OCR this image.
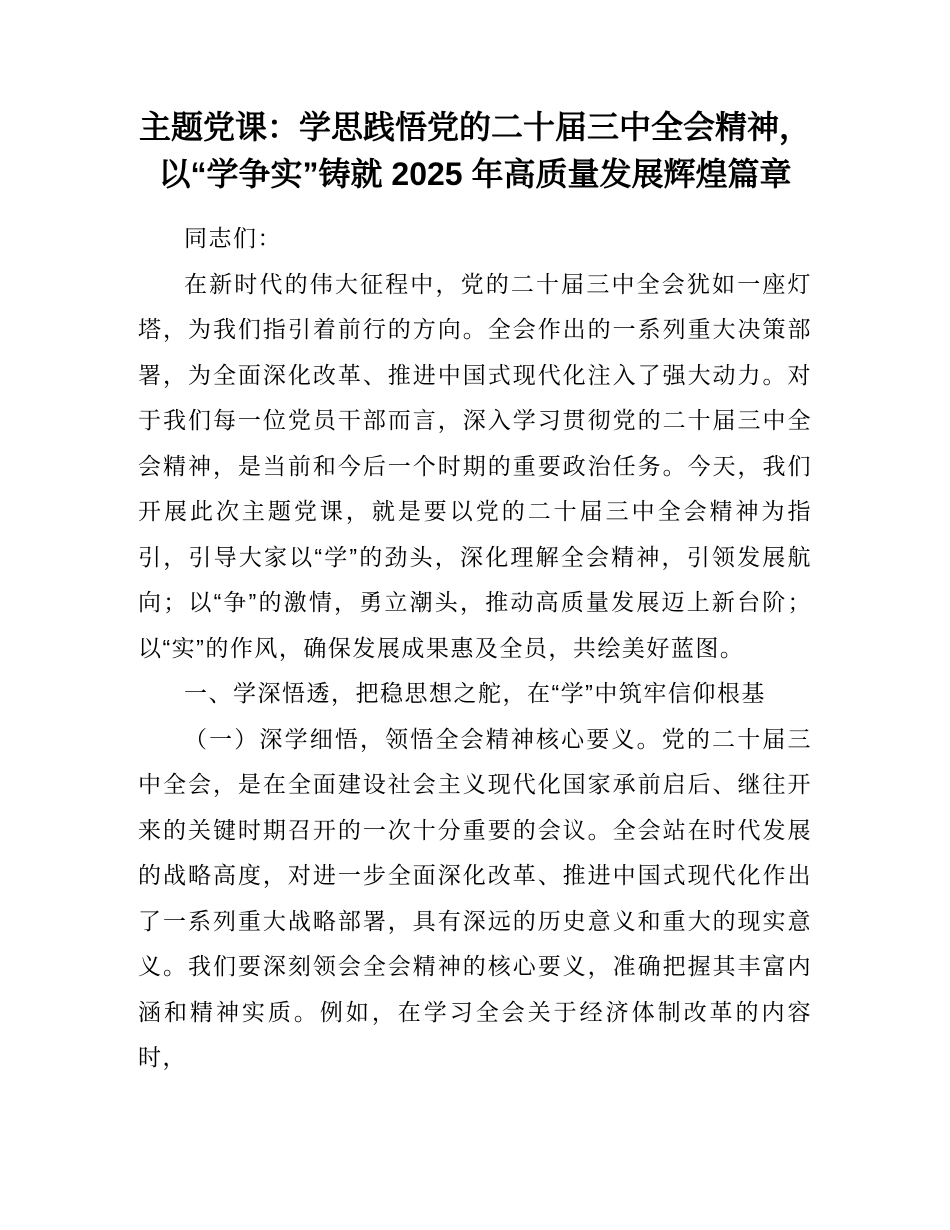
主题党课：学思践悟党的二十届三中全会精神，
以“学争实”铸就 2025 年高质量发展辉煌篇章

同志们：

在新时代的伟大征程中，党的二十届三中全会犹如一座灯塔，为我们指引着前行的方向。全会作出的一系列重大决策部署，为全面深化改革、推进中国式现代化注入了强大动力。对于我们每一位党员干部而言，深入学习贯彻党的二十届三中全会精神，是当前和今后一个时期的重要政治任务。今天，我们开展此次主题党课，就是要以党的二十届三中全会精神为指引，引导大家以“学”的劲头，深化理解全会精神，引领发展航向；以“争”的激情，勇立潮头，推动高质量发展迈上新台阶；以“实”的作风，确保发展成果惠及全员，共绘美好蓝图。

一、学深悟透，把稳思想之舵，在“学”中筑牢信仰根基

（一）深学细悟，领悟全会精神核心要义。党的二十届三中全会，是在全面建设社会主义现代化国家承前启后、继往开来的关键时期召开的一次十分重要的会议。全会站在时代发展的战略高度，对进一步全面深化改革、推进中国式现代化作出了一系列重大战略部署，具有深远的历史意义和重大的现实意义。我们要深刻领会全会精神的核心要义，准确把握其丰富内涵和精神实质。例如，在学习全会关于经济体制改革的内容时，
